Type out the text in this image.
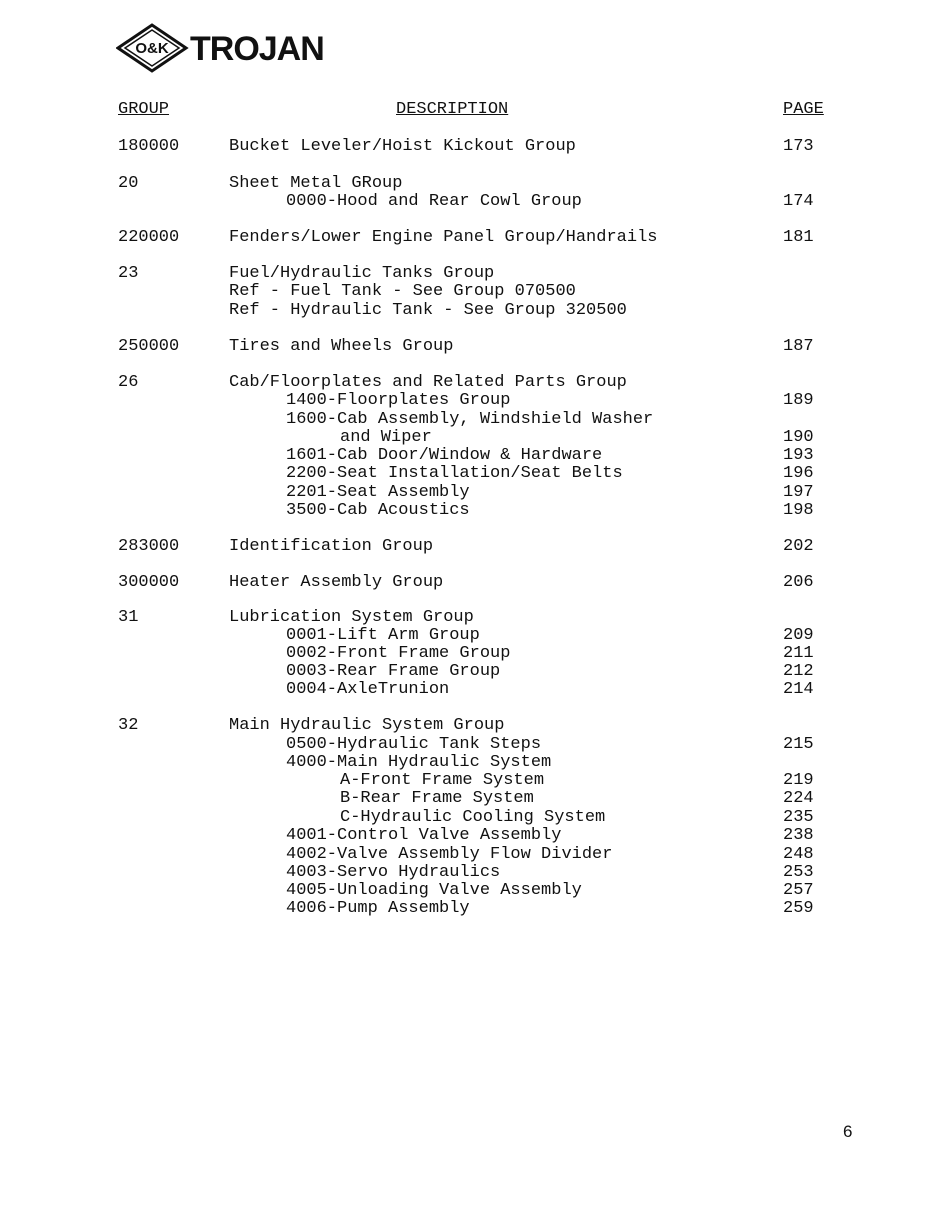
O&K TROJAN
GROUP	DESCRIPTION	PAGE
180000	Bucket Leveler/Hoist Kickout Group	173
20	Sheet Metal GRoup
0000-Hood and Rear Cowl Group	174
220000	Fenders/Lower Engine Panel Group/Handrails	181
23	Fuel/Hydraulic Tanks Group
Ref - Fuel Tank - See Group 070500
Ref - Hydraulic Tank - See Group 320500
250000	Tires and Wheels Group	187
26	Cab/Floorplates and Related Parts Group
1400-Floorplates Group	189
1600-Cab Assembly, Windshield Washer
and Wiper	190
1601-Cab Door/Window & Hardware	193
2200-Seat Installation/Seat Belts	196
2201-Seat Assembly	197
3500-Cab Acoustics	198
283000	Identification Group	202
300000	Heater Assembly Group	206
31	Lubrication System Group
0001-Lift Arm Group	209
0002-Front Frame Group	211
0003-Rear Frame Group	212
0004-AxleTrunion	214
32	Main Hydraulic System Group
0500-Hydraulic Tank Steps	215
4000-Main Hydraulic System
A-Front Frame System	219
B-Rear Frame System	224
C-Hydraulic Cooling System	235
4001-Control Valve Assembly	238
4002-Valve Assembly Flow Divider	248
4003-Servo Hydraulics	253
4005-Unloading Valve Assembly	257
4006-Pump Assembly	259
6
